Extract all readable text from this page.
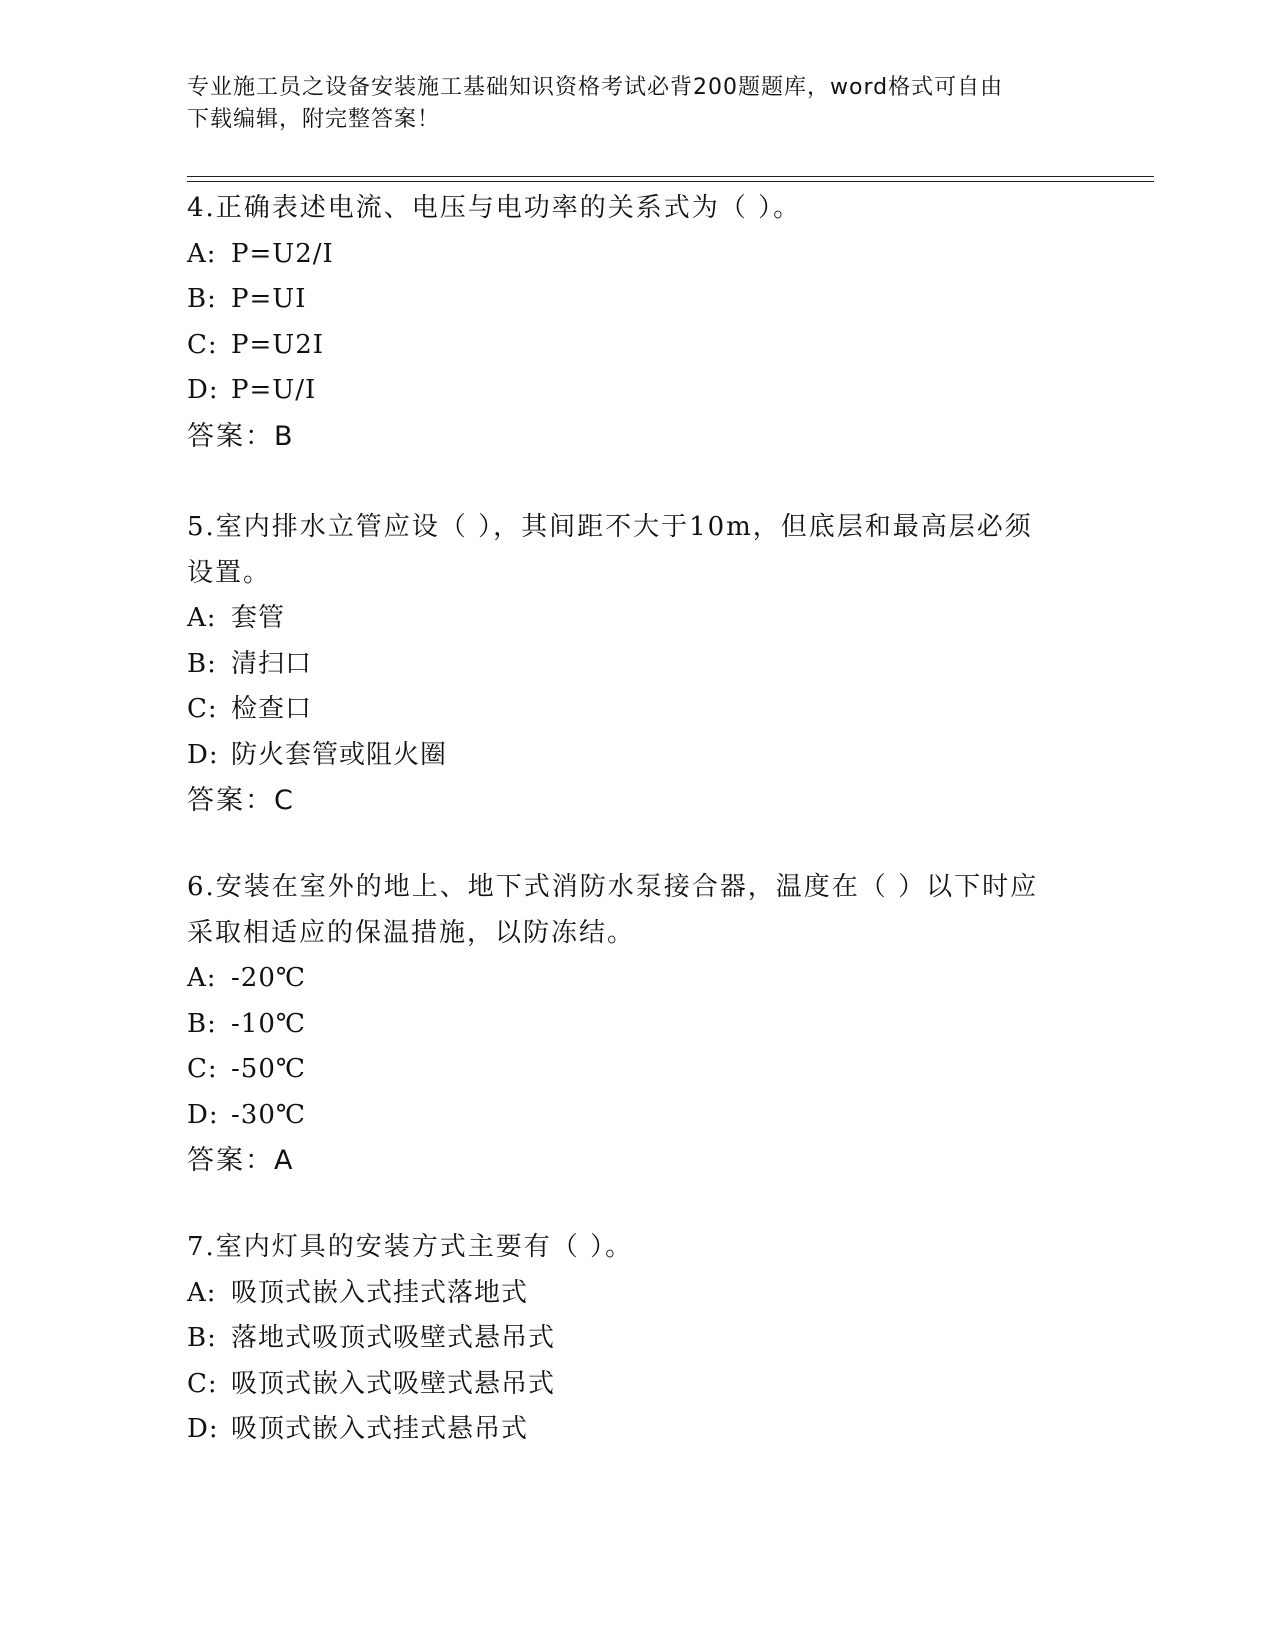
专业施工员之设备安装施工基础知识资格考试必背200题题库，word格式可自由
下载编辑，附完整答案！
4.正确表述电流、电压与电功率的关系式为（ ）。
A: P=U2/I
B: P=UI
C: P=U2I
D: P=U/I
答案：B
5.室内排水立管应设（ ），其间距不大于10m，但底层和最高层必须
设置。
A: 套管
B: 清扫口
C: 检查口
D: 防火套管或阻火圈
答案：C
6.安装在室外的地上、地下式消防水泵接合器，温度在（ ）以下时应
采取相适应的保温措施，以防冻结。
A: -20℃
B: -10℃
C: -50℃
D: -30℃
答案：A
7.室内灯具的安装方式主要有（ ）。
A: 吸顶式嵌入式挂式落地式
B: 落地式吸顶式吸壁式悬吊式
C: 吸顶式嵌入式吸壁式悬吊式
D: 吸顶式嵌入式挂式悬吊式
